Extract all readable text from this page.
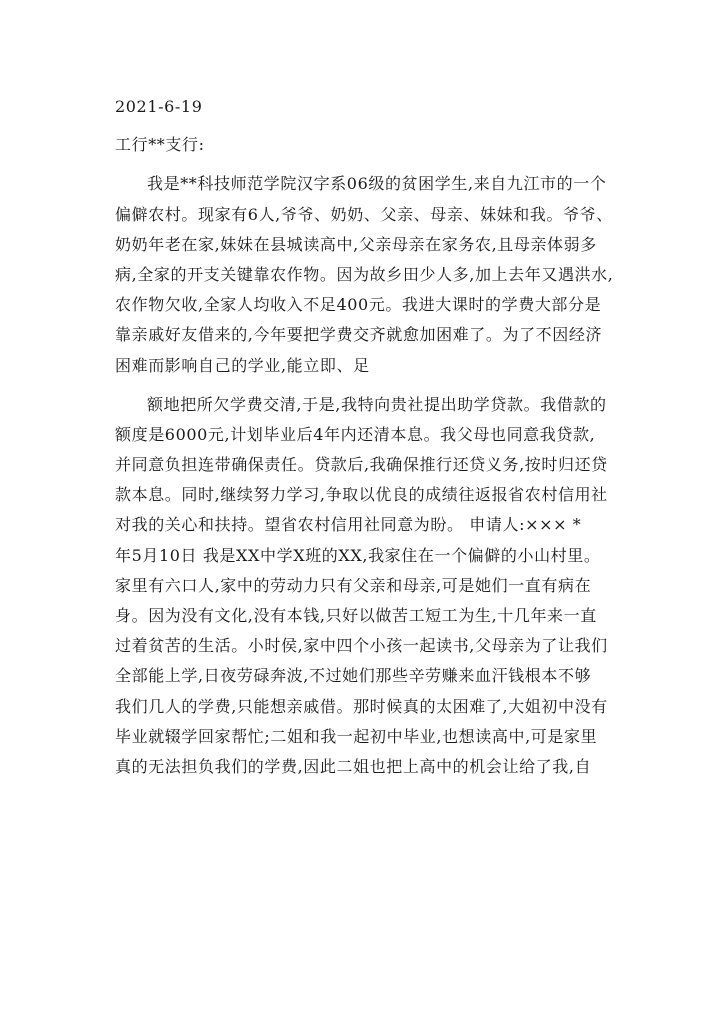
2021-6-19
工行**支行:
我是**科技师范学院汉字系06级的贫困学生,来自九江市的一个
偏僻农村。现家有6人,爷爷、奶奶、父亲、母亲、妹妹和我。爷爷、
奶奶年老在家,妹妹在县城读高中,父亲母亲在家务农,且母亲体弱多
病,全家的开支关键靠农作物。因为故乡田少人多,加上去年又遇洪水,
农作物欠收,全家人均收入不足400元。我进大课时的学费大部分是
靠亲戚好友借来的,今年要把学费交齐就愈加困难了。为了不因经济
困难而影响自己的学业,能立即、足
额地把所欠学费交清,于是,我特向贵社提出助学贷款。我借款的
额度是6000元,计划毕业后4年内还清本息。我父母也同意我贷款,
并同意负担连带确保责任。贷款后,我确保推行还贷义务,按时归还贷
款本息。同时,继续努力学习,争取以优良的成绩往返报省农村信用社
对我的关心和扶持。望省农村信用社同意为盼。 申请人:××× *
年5月10日 我是XX中学X班的XX,我家住在一个偏僻的小山村里。
家里有六口人,家中的劳动力只有父亲和母亲,可是她们一直有病在
身。因为没有文化,没有本钱,只好以做苦工短工为生,十几年来一直
过着贫苦的生活。小时侯,家中四个小孩一起读书,父母亲为了让我们
全部能上学,日夜劳碌奔波,不过她们那些辛劳赚来血汗钱根本不够
我们几人的学费,只能想亲戚借。那时候真的太困难了,大姐初中没有
毕业就辍学回家帮忙;二姐和我一起初中毕业,也想读高中,可是家里
真的无法担负我们的学费,因此二姐也把上高中的机会让给了我,自
